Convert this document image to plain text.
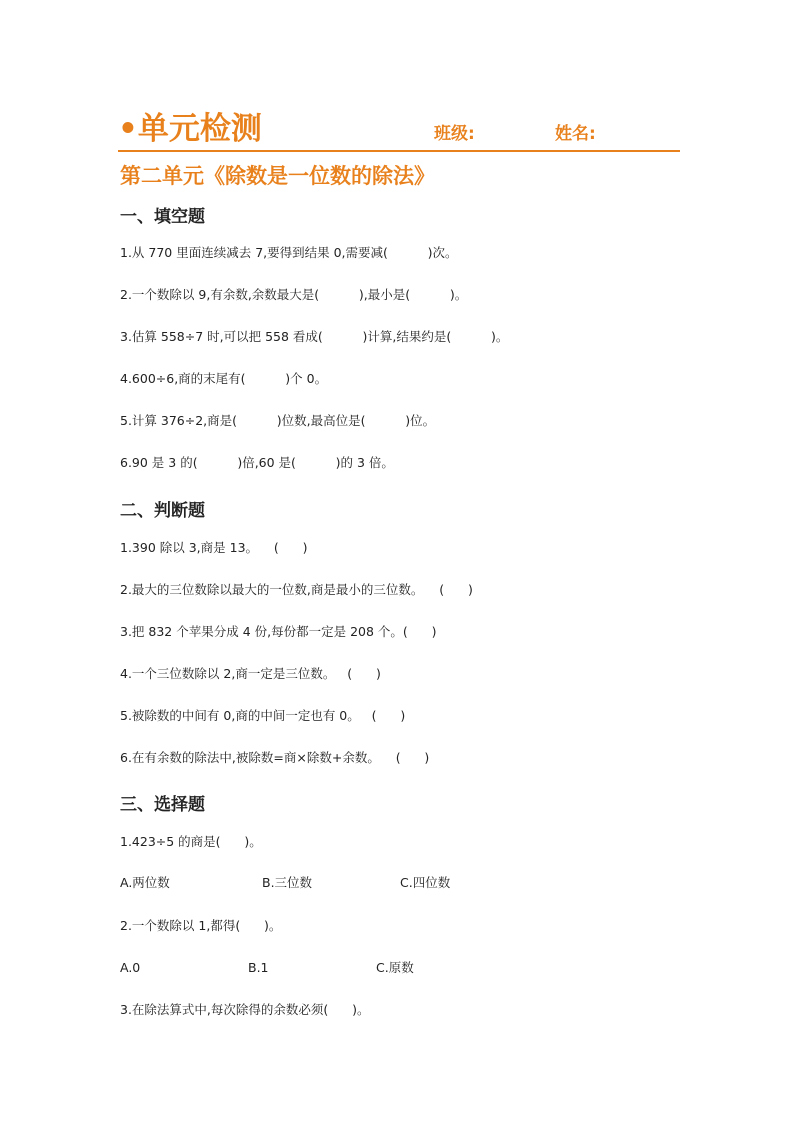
•单元检测	班级:	姓名:
第二单元《除数是一位数的除法》
一、填空题
1.从 770 里面连续减去 7,要得到结果 0,需要减(          )次。
2.一个数除以 9,有余数,余数最大是(          ),最小是(          )。
3.估算 558÷7 时,可以把 558 看成(          )计算,结果约是(          )。
4.600÷6,商的末尾有(          )个 0。
5.计算 376÷2,商是(          )位数,最高位是(          )位。
6.90 是 3 的(          )倍,60 是(          )的 3 倍。
二、判断题
1.390 除以 3,商是 13。    (      )
2.最大的三位数除以最大的一位数,商是最小的三位数。    (      )
3.把 832 个苹果分成 4 份,每份都一定是 208 个。(      )
4.一个三位数除以 2,商一定是三位数。   (      )
5.被除数的中间有 0,商的中间一定也有 0。   (      )
6.在有余数的除法中,被除数=商×除数+余数。    (      )
三、选择题
1.423÷5 的商是(      )。
A.两位数	B.三位数	C.四位数
2.一个数除以 1,都得(      )。
A.0	B.1	C.原数
3.在除法算式中,每次除得的余数必须(      )。
